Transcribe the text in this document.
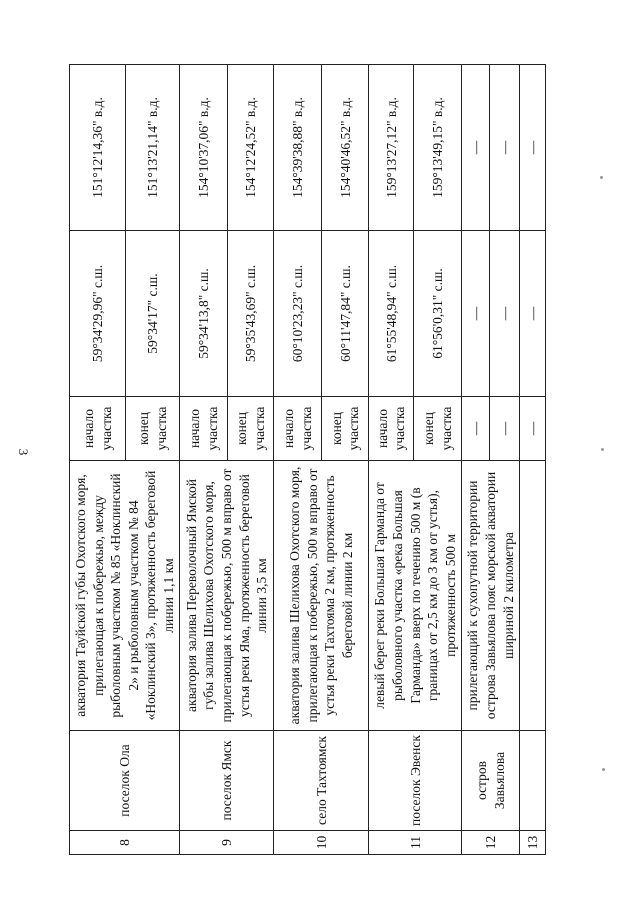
3
8	поселок Ола	акватория Тауйской губы Охотского моря, прилегающая к побережью, между рыболовным участком № 85 «Ноклинский 2» и рыболовным участком № 84 «Ноклинский 3», протяженность береговой линии 1,1 км	начало участка	59°34'29,96" с.ш.	151°12'14,36" в.д.
			конец участка	59°34'17" с.ш.	151°13'21,14" в.д.
9	поселок Ямск	акватория залива Переволочный Ямской губы залива Шелихова Охотского моря, прилегающая к побережью, 500 м вправо от устья реки Яма, протяженность береговой линии 3,5 км	начало участка	59°34'13,8" с.ш.	154°10'37,06" в.д.
			конец участка	59°35'43,69" с.ш.	154°12'24,52" в.д.
10	село Тахтоямск	акватория залива Шелихова Охотского моря, прилегающая к побережью, 500 м вправо от устья реки Тахтояма 2 км, протяженность береговой линии 2 км	начало участка	60°10'23,23" с.ш.	154°39'38,88" в.д.
			конец участка	60°11'47,84" с.ш.	154°40'46,52" в.д.
11	поселок Эвенск	левый берег реки Большая Гарманда от рыболовного участка «река Большая Гарманда» вверх по течению 500 м (в границах от 2,5 км до 3 км от устья), протяженность 500 м	начало участка	61°55'48,94" с.ш.	159°13'27,12" в.д.
			конец участка	61°56'0,31" с.ш.	159°13'49,15" в.д.
12	остров Завьялова	прилегающий к сухопутной территории острова Завьялова пояс морской акватории шириной 2 километра	—	—	—
			—	—	—
13			—	—	—
